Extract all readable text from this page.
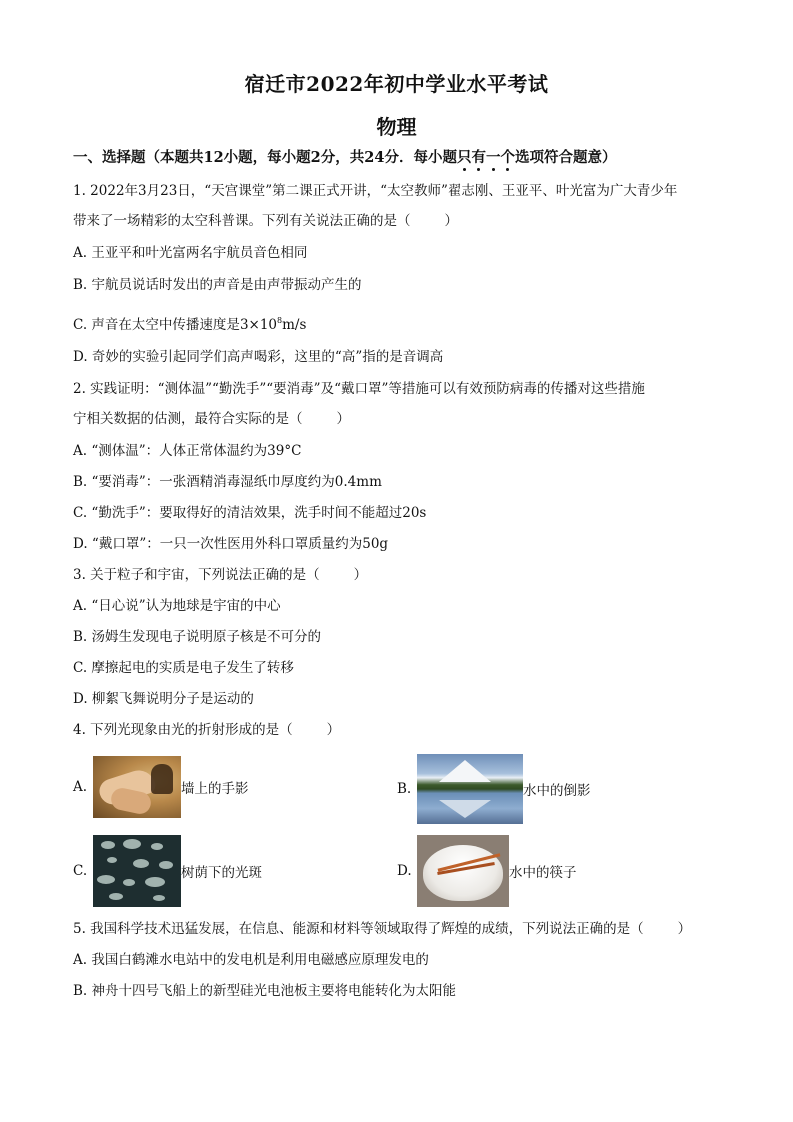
宿迁市2022年初中学业水平考试
物理
一、选择题（本题共12小题，每小题2分，共24分．每小题只有一个选项符合题意）
1. 2022年3月23日，“天宫课堂”第二课正式开讲，“太空教师”翟志刚、王亚平、叶光富为广大青少年
带来了一场精彩的太空科普课。下列有关说法正确的是（	）
A. 王亚平和叶光富两名宇航员音色相同
B. 宇航员说话时发出的声音是由声带振动产生的
C. 声音在太空中传播速度是$3\times 10^8m/s$
D. 奇妙的实验引起同学们高声喝彩，这里的“高”指的是音调高
2. 实践证明：“测体温”“勤洗手”“要消毒”及“戴口罩”等措施可以有效预防病毒的传播对这些措施
宁相关数据的估测，最符合实际的是（	）
A. “测体温”：人体正常体温约为39°C
B. “要消毒”：一张酒精消毒湿纸巾厚度约为0.4mm
C. “勤洗手”：要取得好的清洁效果，洗手时间不能超过20s
D. “戴口罩”：一只一次性医用外科口罩质量约为50g
3. 关于粒子和宇宙，下列说法正确的是（	）
A. “日心说”认为地球是宇宙的中心
B. 汤姆生发现电子说明原子核是不可分的
C. 摩擦起电的实质是电子发生了转移
D. 柳絮飞舞说明分子是运动的
4. 下列光现象由光的折射形成的是（	）
A.	墙上的手影	B.	水中的倒影
C.	树荫下的光斑	D.	水中的筷子
5. 我国科学技术迅猛发展，在信息、能源和材料等领域取得了辉煌的成绩，下列说法正确的是（	）
A. 我国白鹤滩水电站中的发电机是利用电磁感应原理发电的
B. 神舟十四号飞船上的新型硅光电池板主要将电能转化为太阳能
